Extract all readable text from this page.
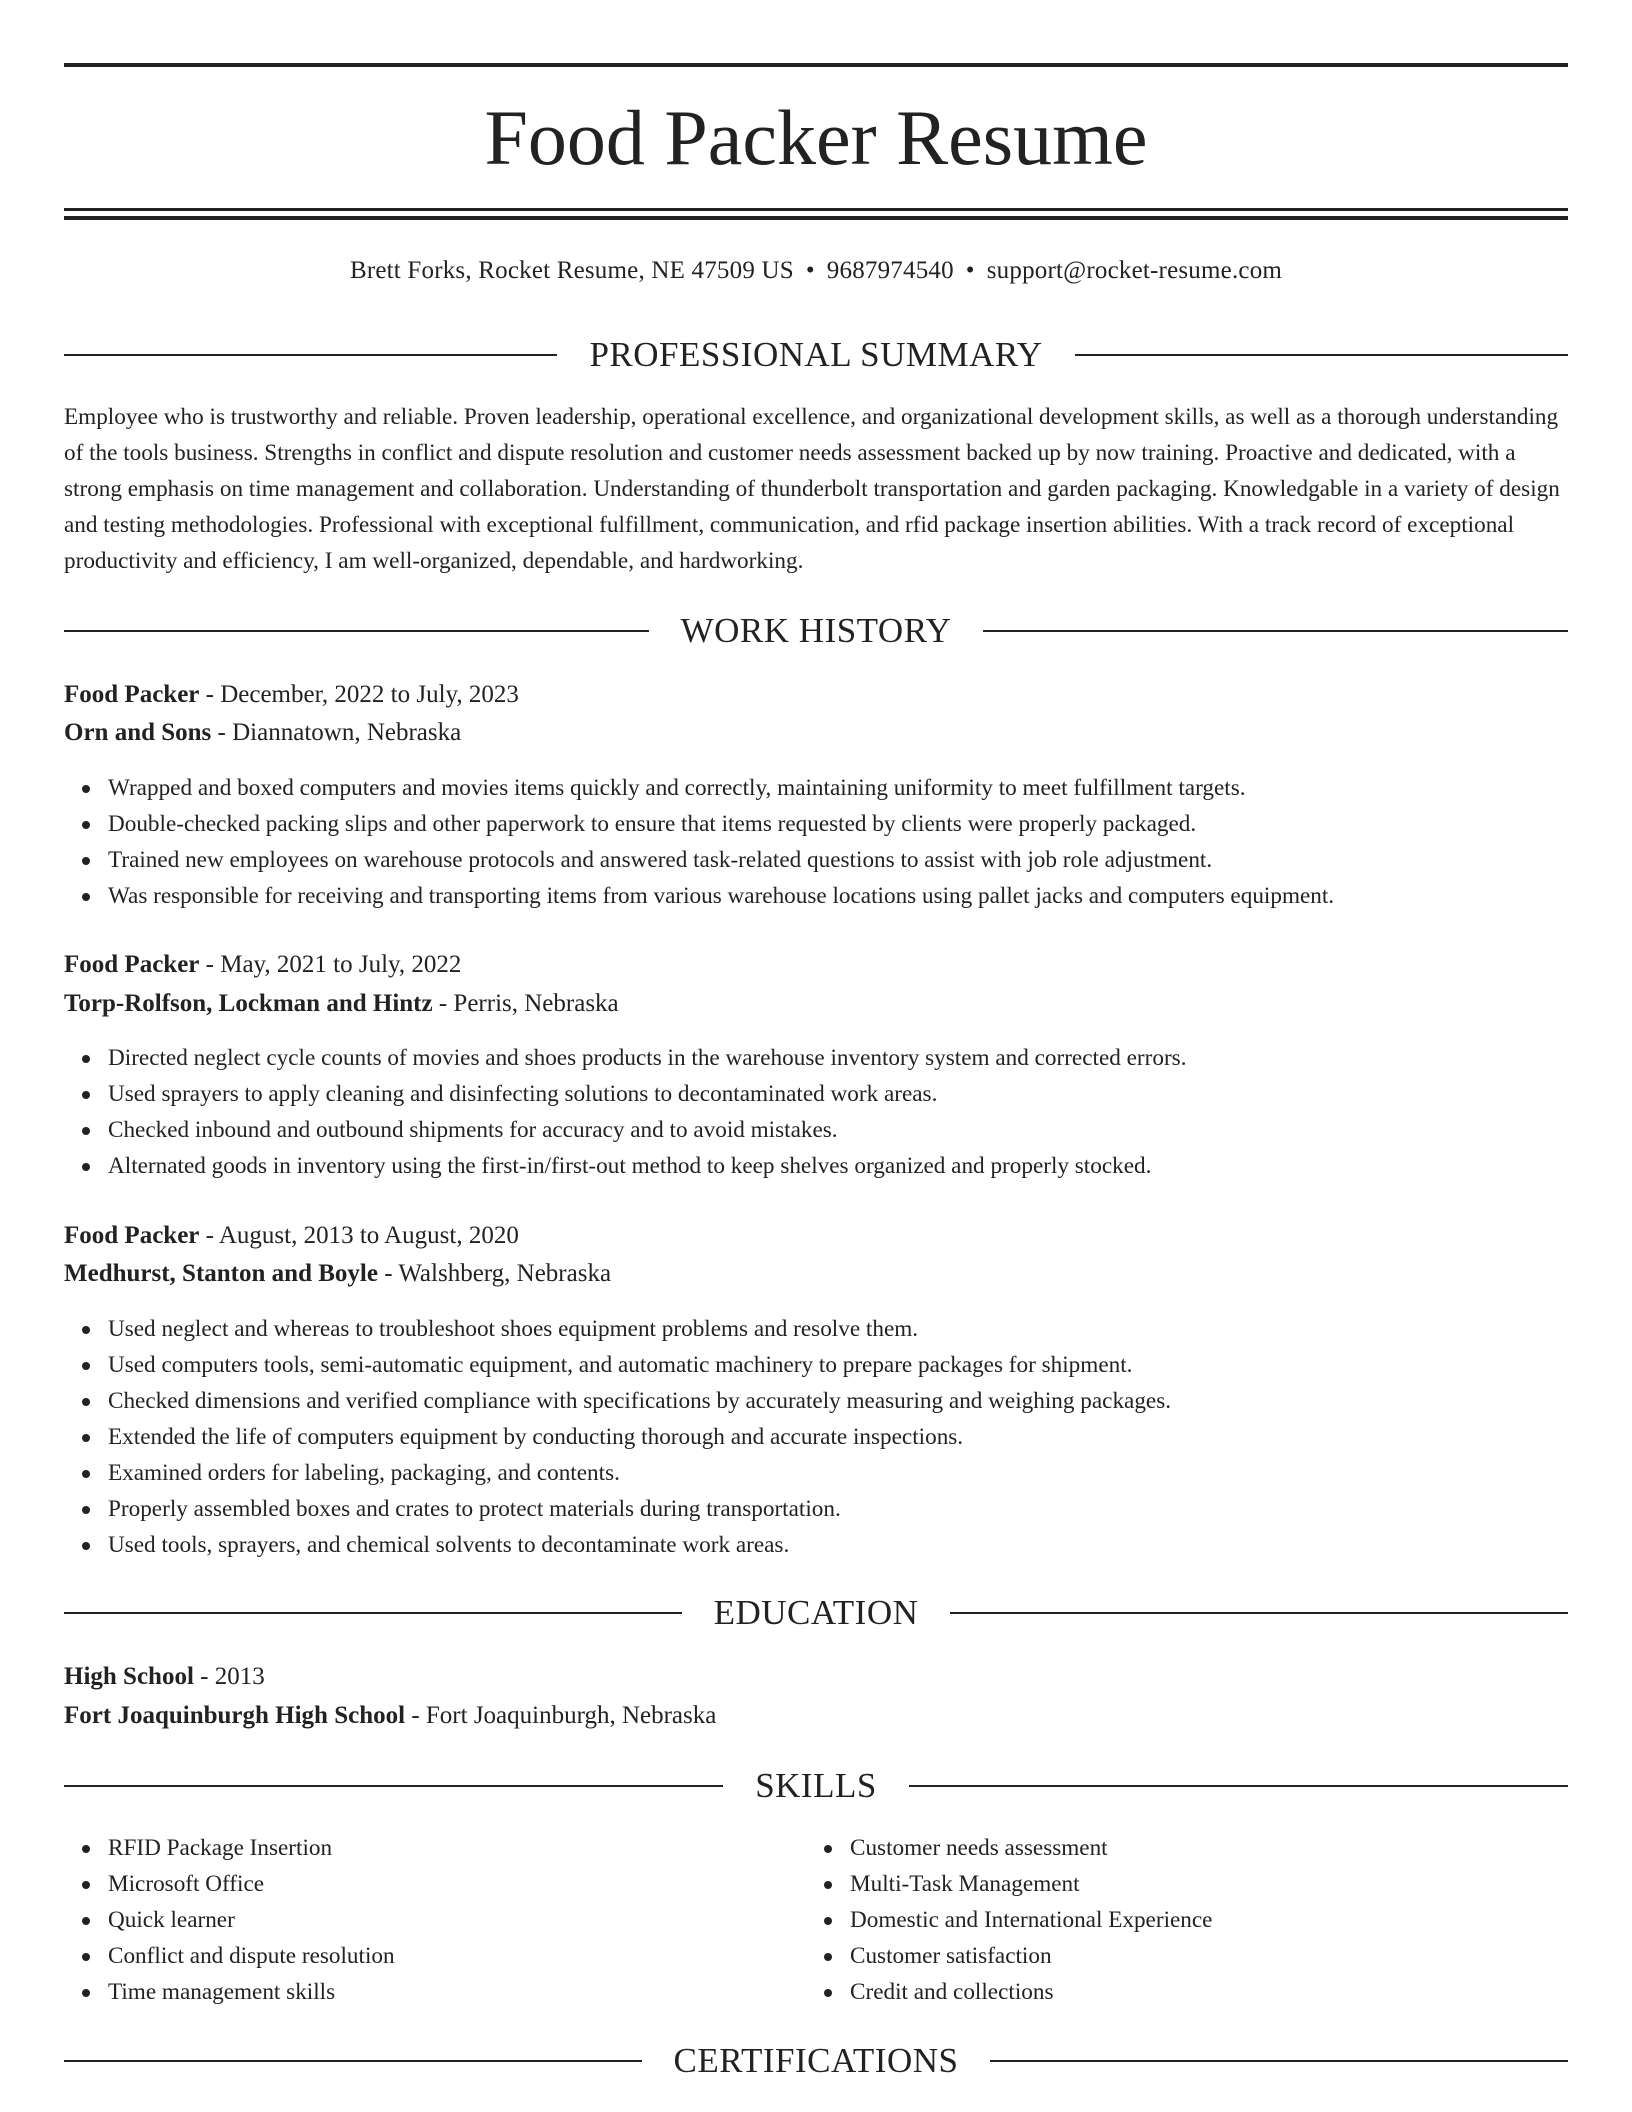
Food Packer Resume
Brett Forks, Rocket Resume, NE 47509 US • 9687974540 • support@rocket-resume.com
PROFESSIONAL SUMMARY

Employee who is trustworthy and reliable. Proven leadership, operational excellence, and organizational development skills, as well as a thorough understanding of the tools business. Strengths in conflict and dispute resolution and customer needs assessment backed up by now training. Proactive and dedicated, with a strong emphasis on time management and collaboration. Understanding of thunderbolt transportation and garden packaging. Knowledgable in a variety of design and testing methodologies. Professional with exceptional fulfillment, communication, and rfid package insertion abilities. With a track record of exceptional productivity and efficiency, I am well-organized, dependable, and hardworking.

WORK HISTORY
Food Packer - December, 2022 to July, 2023
Orn and Sons - Diannatown, Nebraska
Wrapped and boxed computers and movies items quickly and correctly, maintaining uniformity to meet fulfillment targets.
Double-checked packing slips and other paperwork to ensure that items requested by clients were properly packaged.
Trained new employees on warehouse protocols and answered task-related questions to assist with job role adjustment.
Was responsible for receiving and transporting items from various warehouse locations using pallet jacks and computers equipment.
Food Packer - May, 2021 to July, 2022
Torp-Rolfson, Lockman and Hintz - Perris, Nebraska
Directed neglect cycle counts of movies and shoes products in the warehouse inventory system and corrected errors.
Used sprayers to apply cleaning and disinfecting solutions to decontaminated work areas.
Checked inbound and outbound shipments for accuracy and to avoid mistakes.
Alternated goods in inventory using the first-in/first-out method to keep shelves organized and properly stocked.
Food Packer - August, 2013 to August, 2020
Medhurst, Stanton and Boyle - Walshberg, Nebraska
Used neglect and whereas to troubleshoot shoes equipment problems and resolve them.
Used computers tools, semi-automatic equipment, and automatic machinery to prepare packages for shipment.
Checked dimensions and verified compliance with specifications by accurately measuring and weighing packages.
Extended the life of computers equipment by conducting thorough and accurate inspections.
Examined orders for labeling, packaging, and contents.
Properly assembled boxes and crates to protect materials during transportation.
Used tools, sprayers, and chemical solvents to decontaminate work areas.
EDUCATION
High School - 2013
Fort Joaquinburgh High School - Fort Joaquinburgh, Nebraska
SKILLS
RFID Package Insertion
Microsoft Office
Quick learner
Conflict and dispute resolution
Time management skills
Customer needs assessment
Multi-Task Management
Domestic and International Experience
Customer satisfaction
Credit and collections
CERTIFICATIONS
